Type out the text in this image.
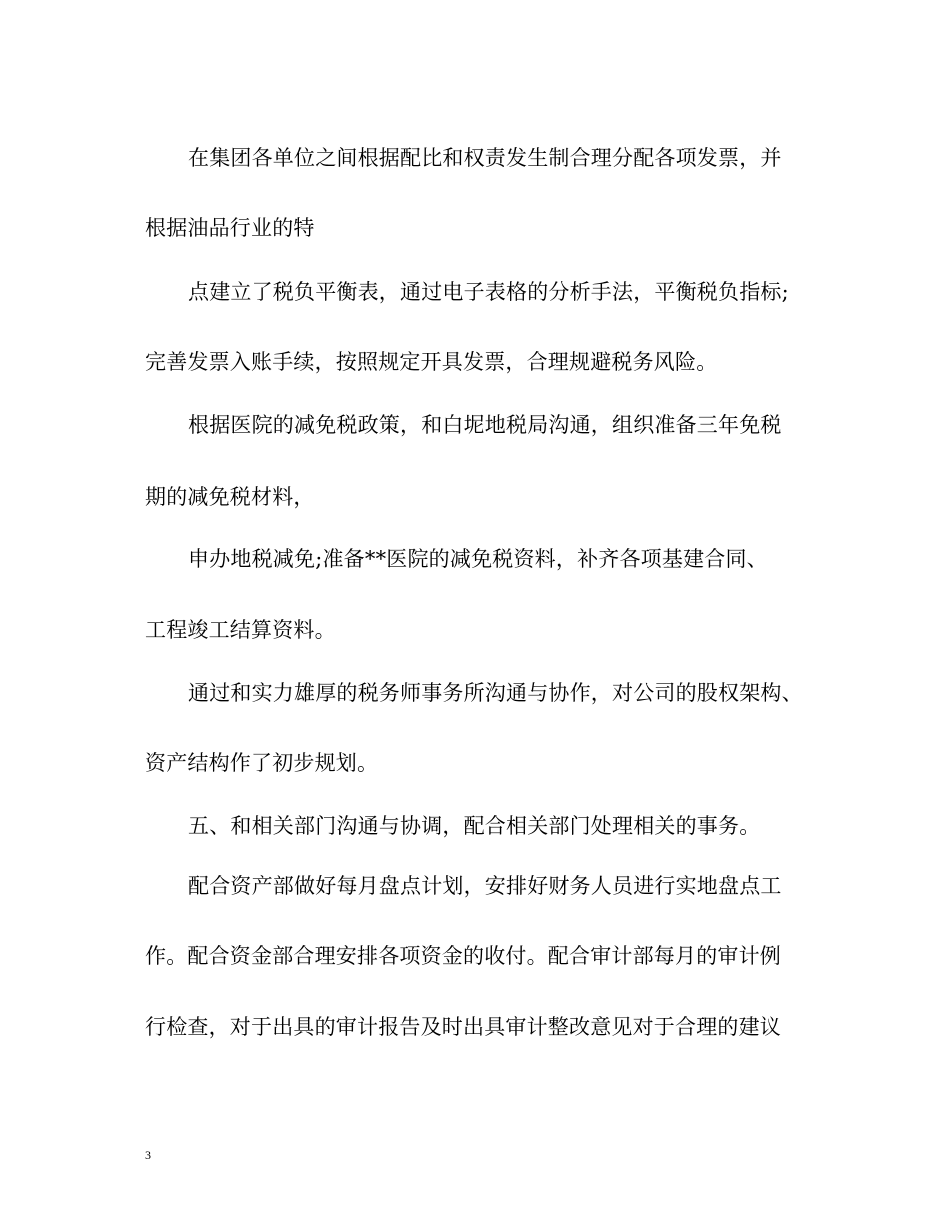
在集团各单位之间根据配比和权责发生制合理分配各项发票，并
根据油品行业的特
点建立了税负平衡表，通过电子表格的分析手法，平衡税负指标;
完善发票入账手续，按照规定开具发票，合理规避税务风险。
根据医院的减免税政策，和白坭地税局沟通，组织准备三年免税
期的减免税材料，
申办地税减免;准备**医院的减免税资料，补齐各项基建合同、
工程竣工结算资料。
通过和实力雄厚的税务师事务所沟通与协作，对公司的股权架构、
资产结构作了初步规划。
五、和相关部门沟通与协调，配合相关部门处理相关的事务。
配合资产部做好每月盘点计划，安排好财务人员进行实地盘点工
作。配合资金部合理安排各项资金的收付。配合审计部每月的审计例
行检查，对于出具的审计报告及时出具审计整改意见对于合理的建议
3
